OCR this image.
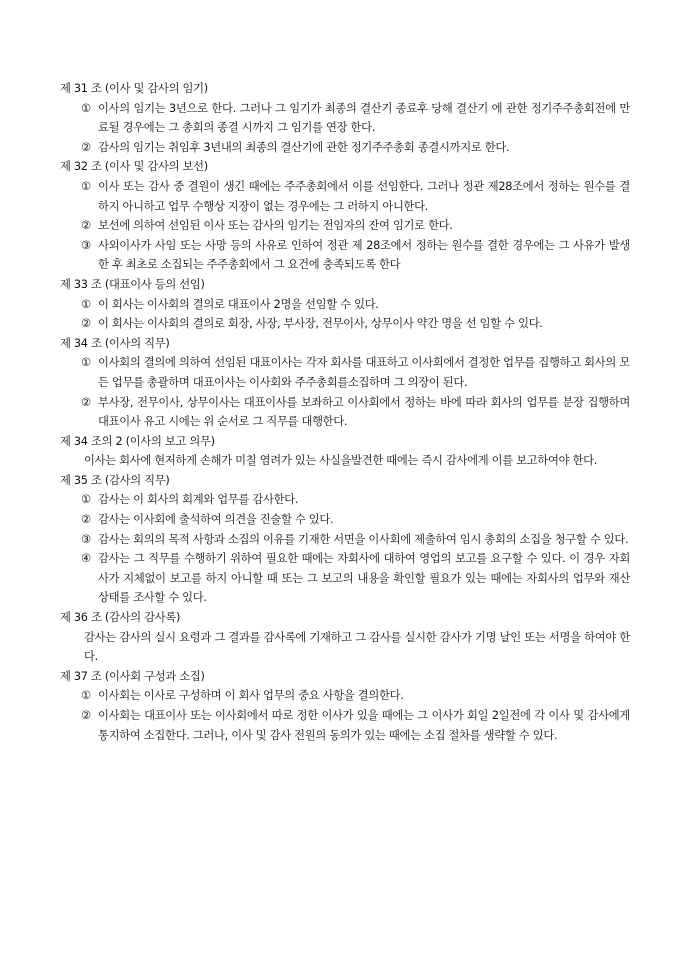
제 31 조 (이사 및 감사의 임기)
① 이사의 임기는 3년으로 한다. 그러나 그 임기가 최종의 결산기 종료후 당해 결산기 에 관한 정기주주총회전에 만료될 경우에는 그 총회의 종결 시까지 그 임기를 연장 한다.
② 감사의 임기는 취임후 3년내의 최종의 결산기에 관한 정기주주총회 종결시까지로 한다.
제 32 조 (이사 및 감사의 보선)
① 이사 또는 감사 중 결원이 생긴 때에는 주주총회에서 이를 선임한다. 그러나 정관 제28조에서 정하는 원수를 결하지 아니하고 업무 수행상 지장이 없는 경우에는 그 러하지 아니한다.
② 보선에 의하여 선임된 이사 또는 감사의 임기는 전임자의 잔여 임기로 한다.
③ 사외이사가 사임 또는 사망 등의 사유로 인하여 정관 제 28조에서 정하는 원수를 결한 경우에는 그 사유가 발생한 후 최초로 소집되는 주주총회에서 그 요건에 충족되도록 한다
제 33 조 (대표이사 등의 선임)
① 이 회사는 이사회의 결의로 대표이사 2명을 선임할 수 있다.
② 이 회사는 이사회의 결의로 회장, 사장, 부사장, 전무이사, 상무이사 약간 명을 선 임할 수 있다.
제 34 조 (이사의 직무)
① 이사회의 결의에 의하여 선임된 대표이사는 각자 회사를 대표하고 이사회에서 결정한 업무를 집행하고 회사의 모든 업무를 총괄하며 대표이사는 이사회와 주주총회를소집하며 그 의장이 된다.
② 부사장, 전무이사, 상무이사는 대표이사를 보좌하고 이사회에서 정하는 바에 따라 회사의 업무를 분장 집행하며 대표이사 유고 시에는 위 순서로 그 직무를 대행한다.
제 34 조의 2 (이사의 보고 의무)
이사는 회사에 현저하게 손해가 미칠 염려가 있는 사실을발견한 때에는 즉시 감사에게 이를 보고하여야 한다.
제 35 조 (감사의 직무)
① 감사는 이 회사의 회계와 업무를 감사한다.
② 감사는 이사회에 출석하여 의견을 진술할 수 있다.
③ 감사는 회의의 목적 사항과 소집의 이유를 기재한 서면을 이사회에 제출하여 임시 총회의 소집을 청구할 수 있다.
④ 감사는 그 직무를 수행하기 위하여 필요한 때에는 자회사에 대하여 영업의 보고를 요구할 수 있다. 이 경우 자회사가 지체없이 보고를 하지 아니할 때 또는 그 보고의 내용을 확인할 필요가 있는 때에는 자회사의 업무와 재산 상태를 조사할 수 있다.
제 36 조 (감사의 감사록)
감사는 감사의 실시 요령과 그 결과를 감사록에 기재하고 그 감사를 실시한 감사가 기명 날인 또는 서명을 하여야 한다.
제 37 조 (이사회 구성과 소집)
① 이사회는 이사로 구성하며 이 회사 업무의 중요 사항을 결의한다.
② 이사회는 대표이사 또는 이사회에서 따로 정한 이사가 있을 때에는 그 이사가 회일 2일전에 각 이사 및 감사에게 통지하여 소집한다. 그러나, 이사 및 감사 전원의 동의가 있는 때에는 소집 절차를 생략할 수 있다.
